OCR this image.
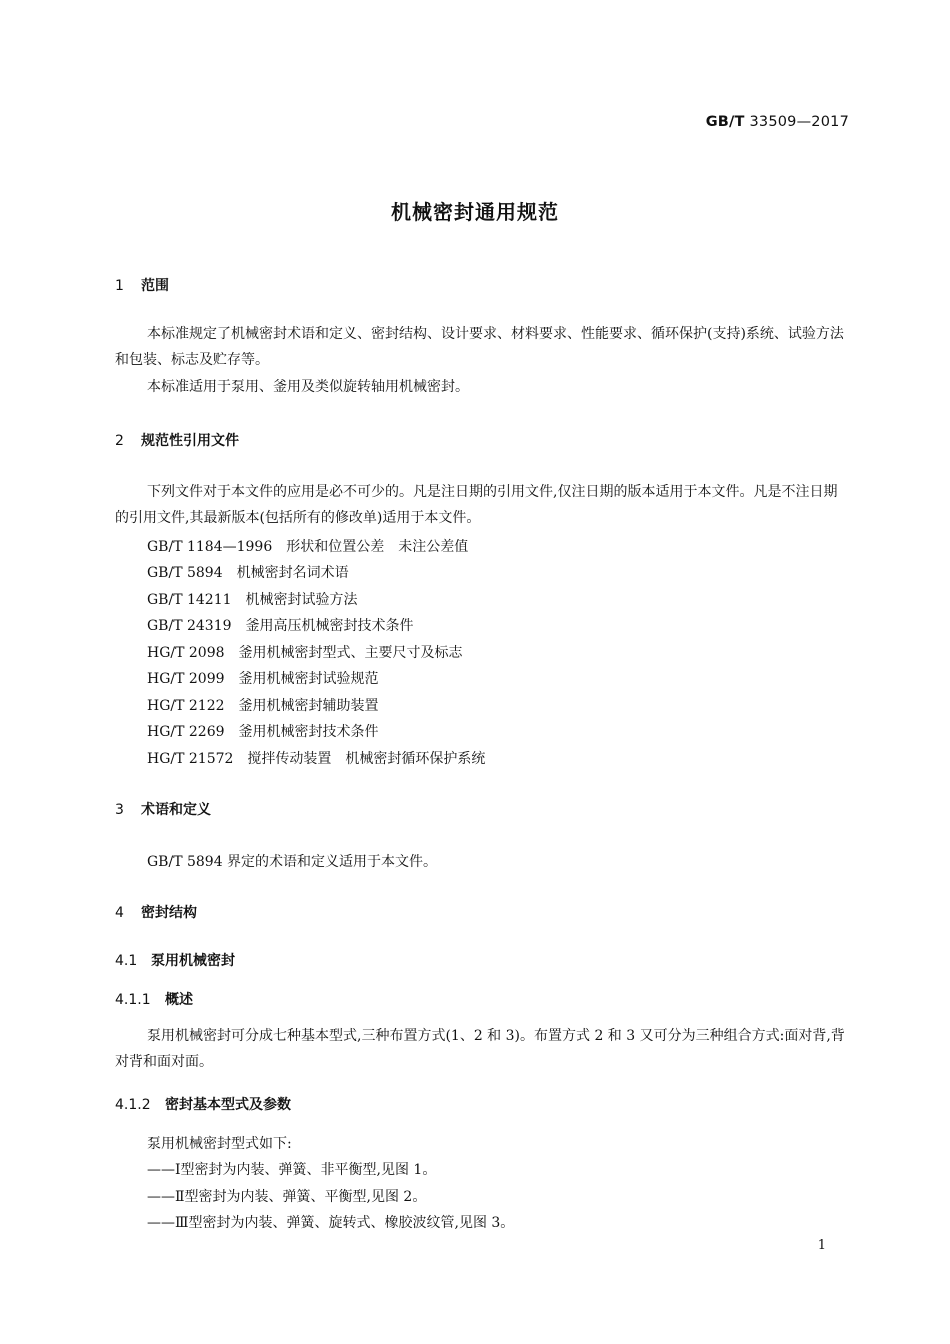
GB/T 33509—2017
机械密封通用规范
1 范围
本标准规定了机械密封术语和定义、密封结构、设计要求、材料要求、性能要求、循环保护(支持)系统、试验方法和包装、标志及贮存等。
本标准适用于泵用、釜用及类似旋转轴用机械密封。
2 规范性引用文件
下列文件对于本文件的应用是必不可少的。凡是注日期的引用文件,仅注日期的版本适用于本文件。凡是不注日期的引用文件,其最新版本(包括所有的修改单)适用于本文件。
GB/T 1184—1996　形状和位置公差　未注公差值
GB/T 5894　机械密封名词术语
GB/T 14211　机械密封试验方法
GB/T 24319　釜用高压机械密封技术条件
HG/T 2098　釜用机械密封型式、主要尺寸及标志
HG/T 2099　釜用机械密封试验规范
HG/T 2122　釜用机械密封辅助装置
HG/T 2269　釜用机械密封技术条件
HG/T 21572　搅拌传动装置　机械密封循环保护系统
3 术语和定义
GB/T 5894 界定的术语和定义适用于本文件。
4 密封结构
4.1 泵用机械密封
4.1.1 概述
泵用机械密封可分成七种基本型式,三种布置方式(1、2 和 3)。布置方式 2 和 3 又可分为三种组合方式:面对背,背对背和面对面。
4.1.2 密封基本型式及参数
泵用机械密封型式如下:
——Ⅰ型密封为内装、弹簧、非平衡型,见图 1。
——Ⅱ型密封为内装、弹簧、平衡型,见图 2。
——Ⅲ型密封为内装、弹簧、旋转式、橡胶波纹管,见图 3。
1
